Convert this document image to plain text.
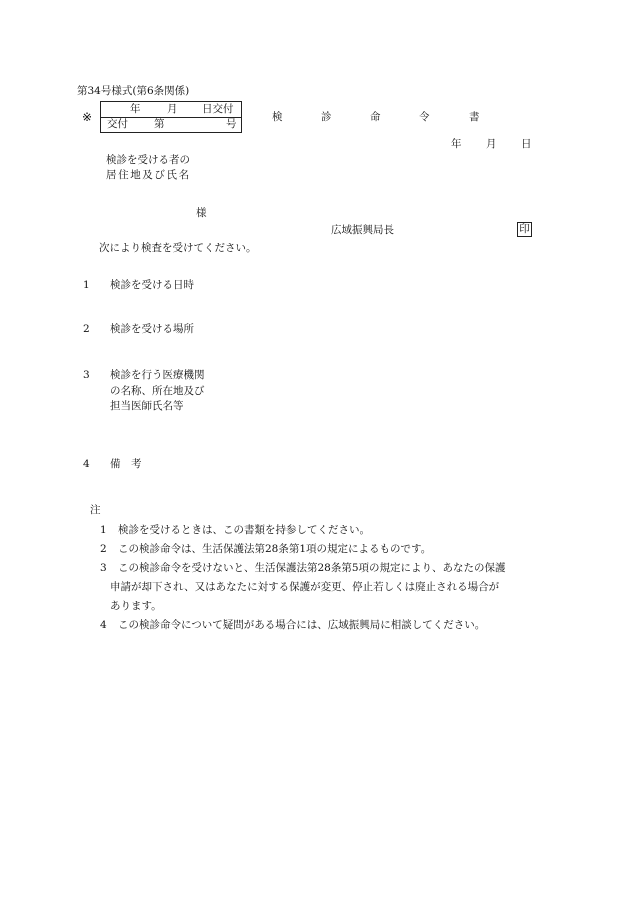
第34号様式(第6条関係)
※
年	月 日交付
交付 第	号
検	診	命	令	書
年 月 日
検診を受ける者の
居住地及び氏名
様
広域振興局長	印
次により検査を受けてください。
1 検診を受ける日時
2 検診を受ける場所
3 検診を行う医療機関
の名称、所在地及び
担当医師氏名等
4 備　考
注
1 検診を受けるときは、この書類を持参してください。
2 この検診命令は、生活保護法第28条第1項の規定によるものです。
3 この検診命令を受けないと、生活保護法第28条第5項の規定により、あなたの保護
申請が却下され、又はあなたに対する保護が変更、停止若しくは廃止される場合が
あります。
4 この検診命令について疑問がある場合には、広域振興局に相談してください。
